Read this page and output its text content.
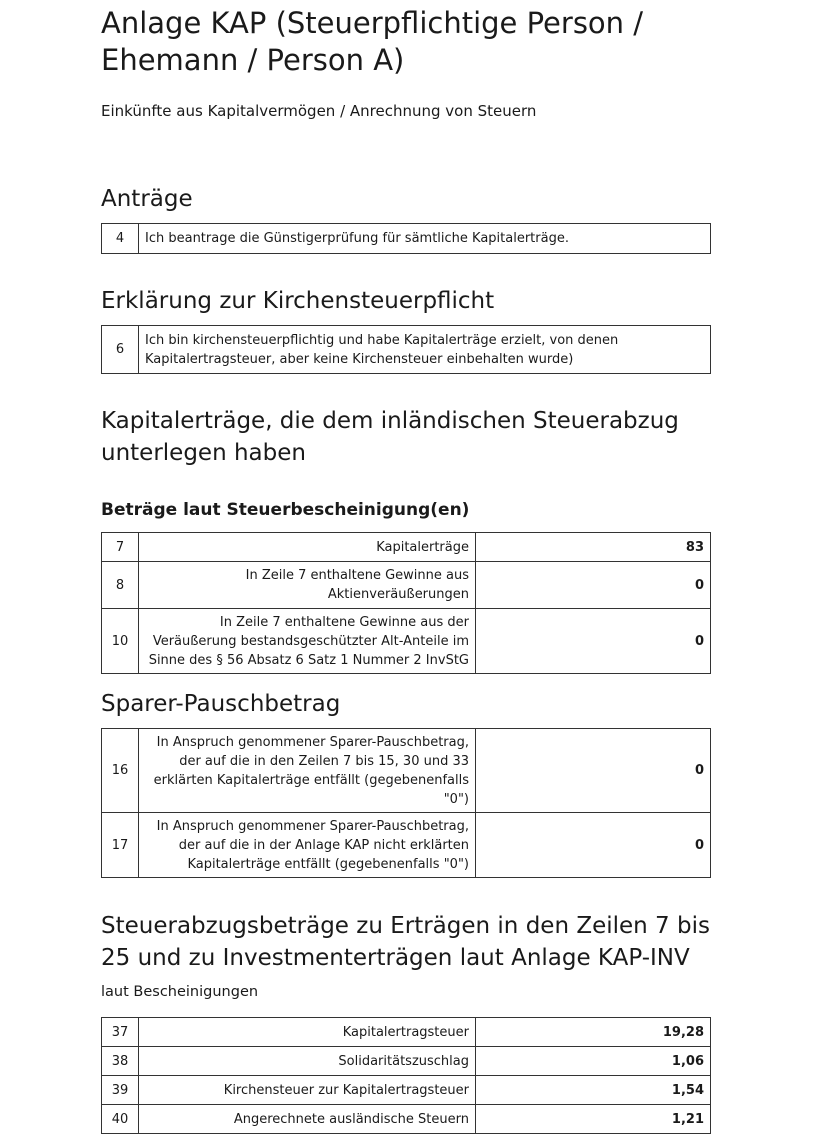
Anlage KAP (Steuerpflichtige Person / Ehemann / Person A)
Einkünfte aus Kapitalvermögen / Anrechnung von Steuern
Anträge
4	Ich beantrage die Günstigerprüfung für sämtliche Kapitalerträge.
Erklärung zur Kirchensteuerpflicht
6	Ich bin kirchensteuerpflichtig und habe Kapitalerträge erzielt, von denen Kapitalertragsteuer, aber keine Kirchensteuer einbehalten wurde)
Kapitalerträge, die dem inländischen Steuerabzug unterlegen haben
Beträge laut Steuerbescheinigung(en)
7	Kapitalerträge	83
8	In Zeile 7 enthaltene Gewinne aus Aktienveräußerungen	0
10	In Zeile 7 enthaltene Gewinne aus der Veräußerung bestandsgeschützter Alt-Anteile im Sinne des § 56 Absatz 6 Satz 1 Nummer 2 InvStG	0
Sparer-Pauschbetrag
16	In Anspruch genommener Sparer-Pauschbetrag, der auf die in den Zeilen 7 bis 15, 30 und 33 erklärten Kapitalerträge entfällt (gegebenenfalls "0")	0
17	In Anspruch genommener Sparer-Pauschbetrag, der auf die in der Anlage KAP nicht erklärten Kapitalerträge entfällt (gegebenenfalls "0")	0
Steuerabzugsbeträge zu Erträgen in den Zeilen 7 bis 25 und zu Investmenterträgen laut Anlage KAP-INV
laut Bescheinigungen
37	Kapitalertragsteuer	19,28
38	Solidaritätszuschlag	1,06
39	Kirchensteuer zur Kapitalertragsteuer	1,54
40	Angerechnete ausländische Steuern	1,21
